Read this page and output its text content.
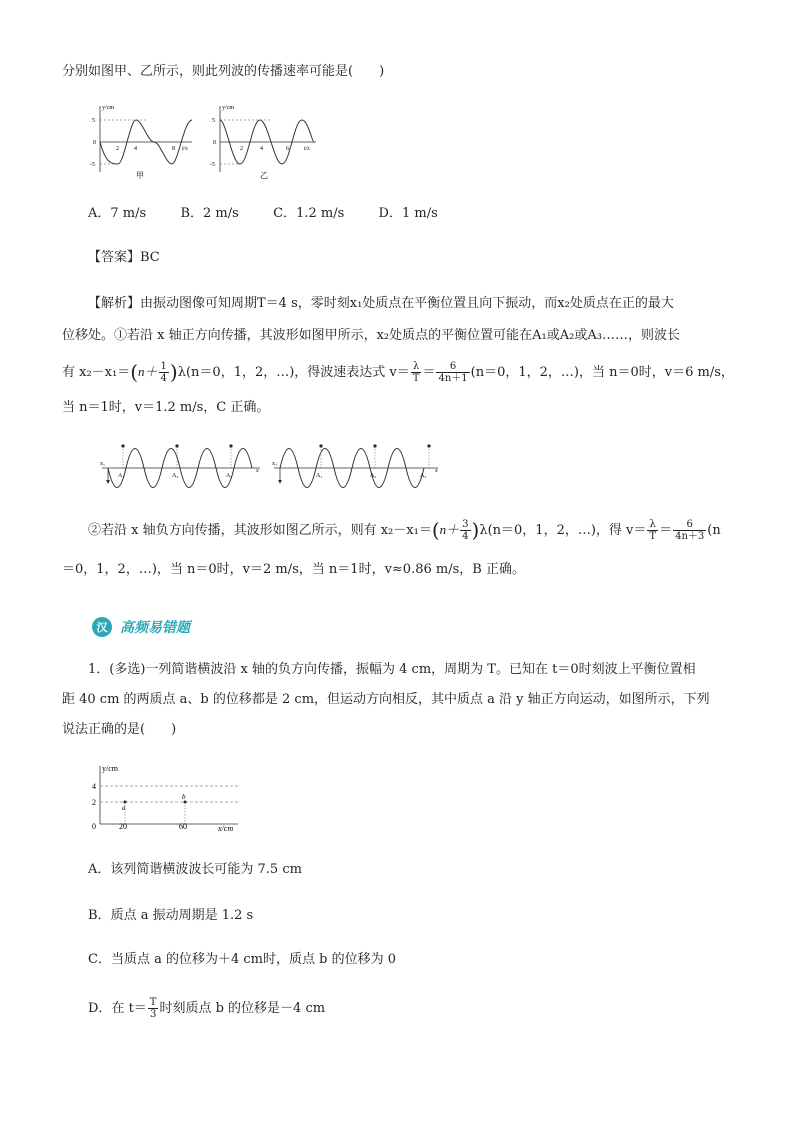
分别如图甲、乙所示，则此列波的传播速率可能是(　　)
y/cm
5
0
-5
2	4	8 t/s
甲
y/cm
5
0
-5
2	4	6	t/s
乙
A．7 m/s	B．2 m/s	C．1.2 m/s	D．1 m/s
【答案】BC
【解析】由振动图像可知周期T＝4 s，零时刻x₁处质点在平衡位置且向下振动，而x₂处质点在正的最大
位移处。①若沿 x 轴正方向传播，其波形如图甲所示，x₂处质点的平衡位置可能在A₁或A₂或A₃……，则波长
有 $x_2-x_1=(n+ \frac{1}{4} )\lambda(n=0$，1，2，…)，得波速表达式 $v= \frac{\lambda}{T} = \frac{6}{4n+1} (n=0$，1，2，…)，当 n＝0时，v＝6 m/s，
当 n＝1时，v＝1.2 m/s，C 正确。
x₁
A₁	A₂	A₃
x
x₁
A₁	A₂	A₃
x
②若沿 x 轴负方向传播，其波形如图乙所示，则有 $x_2-x_1=(n+ \frac{3}{4} )\lambda(n=0$，1，2，…)，得 $v= \frac{\lambda}{T} = \frac{6}{4n+3} (n$
＝0，1，2，…)，当 n＝0时，v＝2 m/s，当 n＝1时，v≈0.86 m/s，B 正确。
汉 高频易错题
1．(多选)一列简谐横波沿 x 轴的负方向传播，振幅为 4 cm，周期为 T。已知在 t＝0时刻波上平衡位置相
距 40 cm 的两质点 a、b 的位移都是 2 cm，但运动方向相反，其中质点 a 沿 y 轴正方向运动，如图所示，下列
说法正确的是(　　)
y/cm
4
2
0	20	60	x/cm
a
b
A．该列简谐横波波长可能为 7.5 cm
B．质点 a 振动周期是 1.2 s
C．当质点 a 的位移为＋4 cm时，质点 b 的位移为 0
D．在 $t= \frac{T}{3}$ 时刻质点 b 的位移是－4 cm
